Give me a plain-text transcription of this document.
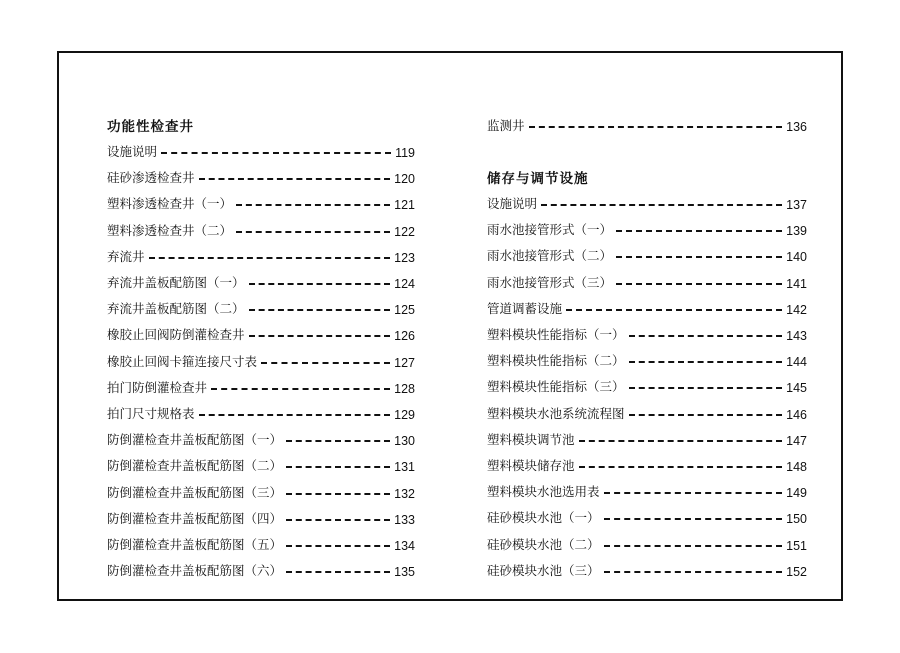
功能性检查井
设施说明	119
硅砂渗透检查井	120
塑料渗透检查井（一）	121
塑料渗透检查井（二）	122
弃流井	123
弃流井盖板配筋图（一）	124
弃流井盖板配筋图（二）	125
橡胶止回阀防倒灌检查井	126
橡胶止回阀卡箍连接尺寸表	127
拍门防倒灌检查井	128
拍门尺寸规格表	129
防倒灌检查井盖板配筋图（一）	130
防倒灌检查井盖板配筋图（二）	131
防倒灌检查井盖板配筋图（三）	132
防倒灌检查井盖板配筋图（四）	133
防倒灌检查井盖板配筋图（五）	134
防倒灌检查井盖板配筋图（六）	135
监测井	136
储存与调节设施
设施说明	137
雨水池接管形式（一）	139
雨水池接管形式（二）	140
雨水池接管形式（三）	141
管道调蓄设施	142
塑料模块性能指标（一）	143
塑料模块性能指标（二）	144
塑料模块性能指标（三）	145
塑料模块水池系统流程图	146
塑料模块调节池	147
塑料模块储存池	148
塑料模块水池选用表	149
硅砂模块水池（一）	150
硅砂模块水池（二）	151
硅砂模块水池（三）	152
